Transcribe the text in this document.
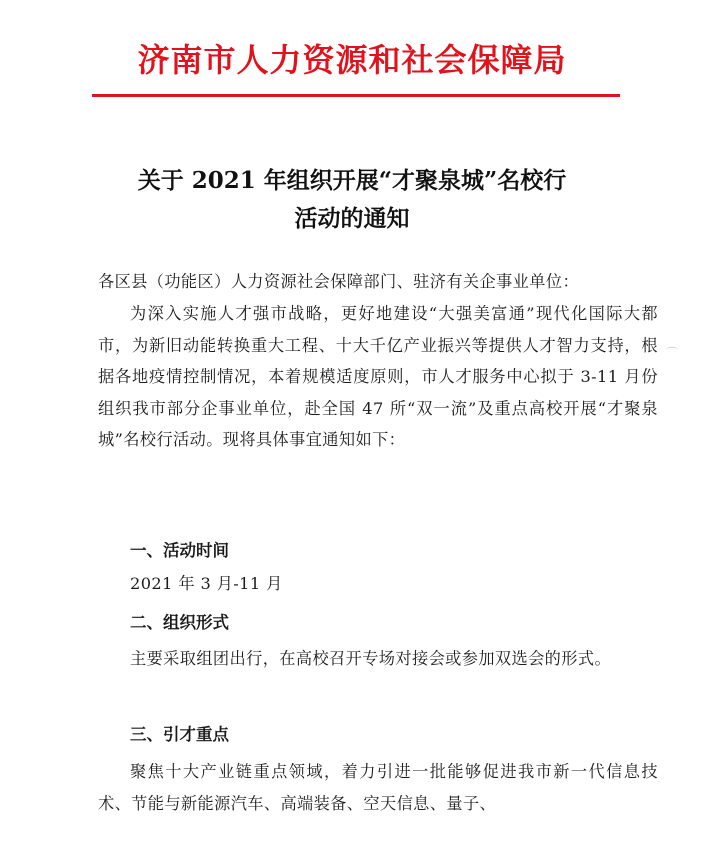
济南市人力资源和社会保障局
关于 2021 年组织开展“才聚泉城”名校行
活动的通知
各区县（功能区）人力资源社会保障部门、驻济有关企事业单位：
为深入实施人才强市战略，更好地建设“大强美富通”现代化国际大都市，为新旧动能转换重大工程、十大千亿产业振兴等提供人才智力支持，根据各地疫情控制情况，本着规模适度原则，市人才服务中心拟于 3-11 月份组织我市部分企事业单位，赴全国 47 所“双一流”及重点高校开展“才聚泉城”名校行活动。现将具体事宜通知如下：
一、活动时间
2021 年 3 月-11 月
二、组织形式
主要采取组团出行，在高校召开专场对接会或参加双选会的形式。
三、引才重点
聚焦十大产业链重点领域，着力引进一批能够促进我市新一代信息技术、节能与新能源汽车、高端装备、空天信息、量子、
⌒
